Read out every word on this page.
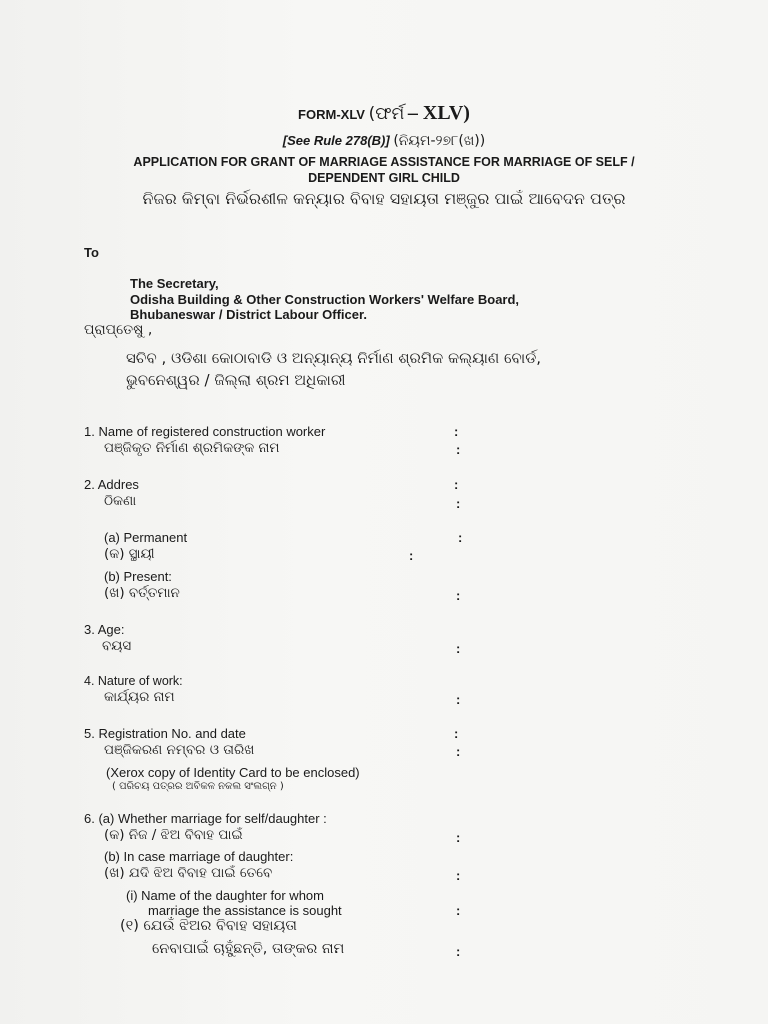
FORM-XLV (ଫର୍ମ – XLV)
[See Rule 278(B)] (ନିୟମ-୨୭୮(ଖ))
APPLICATION FOR GRANT OF MARRIAGE ASSISTANCE FOR MARRIAGE OF SELF /
DEPENDENT GIRL CHILD
ନିଜର କିମ୍ବା ନିର୍ଭରଶୀଳ କନ୍ୟାର ବିବାହ ସହାୟତା ମଞ୍ଜୁର ପାଇଁ ଆବେଦନ ପତ୍ର
To
The Secretary,
Odisha Building & Other Construction Workers' Welfare Board,
Bhubaneswar / District Labour Officer.
ପ୍ରାପ୍ତେଷୁ ,
ସଚିବ , ଓଡିଶା କୋଠାବାଡି ଓ ଅନ୍ୟାନ୍ୟ ନିର୍ମାଣ ଶ୍ରମିକ କଲ୍ୟାଣ ବୋର୍ଡ,
ଭୁବନେଶ୍ୱର / ଜିଲ୍ଲା ଶ୍ରମ ଅଧିକାରୀ
1. Name of registered construction worker	:
ପଞ୍ଜିକୃତ ନିର୍ମାଣ ଶ୍ରମିକଙ୍କ ନାମ	:
2. Addres	:
ଠିକଣା	:
(a) Permanent	:
(କ) ସ୍ଥାୟୀ	:
(b) Present:
(ଖ) ବର୍ତ୍ତମାନ	:
3. Age:
ବୟସ	:
4. Nature of work:
କାର୍ଯ୍ୟର ନାମ	:
5. Registration No. and date	:
ପଞ୍ଜିକରଣ ନମ୍ବର ଓ ତାରିଖ	:
(Xerox copy of Identity Card to be enclosed)
( ପରିଚୟ ପତ୍ରର ଅବିକଳ ନକଲ ସଂଲଗ୍ନ )
6. (a) Whether marriage for self/daughter :
(କ) ନିଜ / ଝିଅ ବିବାହ ପାଇଁ	:
(b) In case marriage of daughter:
(ଖ) ଯଦି ଝିଅ ବିବାହ ପାଇଁ ତେବେ	:
(i) Name of the daughter for whom
marriage the assistance is sought	:
(୧) ଯେଉଁ ଝିଅର ବିବାହ ସହାୟତା
ନେବାପାଇଁ ଚାହୁଁଛନ୍ତି, ତାଙ୍କର ନାମ	:
